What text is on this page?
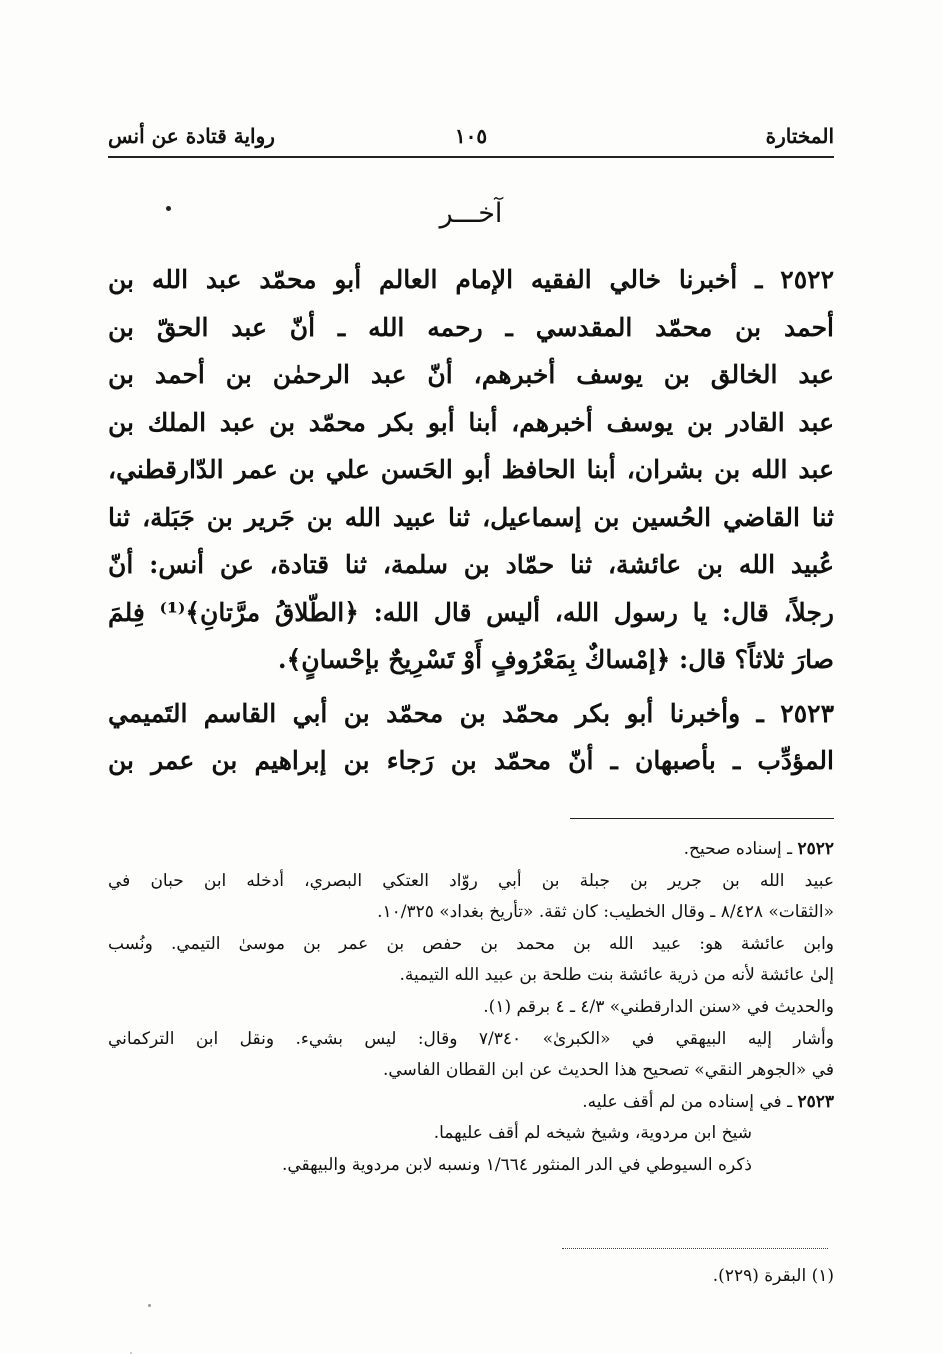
المختارة
١٠٥
رواية قتادة عن أنس
آخـــر
٢٥٢٢ ـ أخبرنا خالي الفقيه الإمام العالم أبو محمّد عبد الله بن
أحمد بن محمّد المقدسي ـ رحمه الله ـ أنّ عبد الحقّ بن
عبد الخالق بن يوسف أخبرهم، أنّ عبد الرحمٰن بن أحمد بن
عبد القادر بن يوسف أخبرهم، أبنا أبو بكر محمّد بن عبد الملك بن
عبد الله بن بشران، أبنا الحافظ أبو الحَسن علي بن عمر الدّارقطني،
ثنا القاضي الحُسين بن إسماعيل، ثنا عبيد الله بن جَرير بن جَبَلة، ثنا
عُبيد الله بن عائشة، ثنا حمّاد بن سلمة، ثنا قتادة، عن أنس: أنّ
رجلاً، قال: يا رسول الله، أليس قال الله: ﴿الطّلاقُ مرَّتانِ﴾⁽¹⁾ فِلمَ
صارَ ثلاثاً؟ قال: ﴿إمْساكٌ بِمَعْرُوفٍ أَوْ تَسْرِيحٌ بإحْسانٍ﴾.
٢٥٢٣ ـ وأخبرنا أبو بكر محمّد بن محمّد بن أبي القاسم التَميمي
المؤدِّب ـ بأصبهان ـ أنّ محمّد بن رَجاء بن إبراهيم بن عمر بن
٢٥٢٢ ـ إسناده صحيح.
عبيد الله بن جرير بن جبلة بن أبي روّاد العتكي البصري، أدخله ابن حبان في
«الثقات» ٨/٤٢٨ ـ وقال الخطيب: كان ثقة. «تأريخ بغداد» ١٠/٣٢٥.
وابن عائشة هو: عبيد الله بن محمد بن حفص بن عمر بن موسىٰ التيمي. ونُسب
إلىٰ عائشة لأنه من ذرية عائشة بنت طلحة بن عبيد الله التيمية.
والحديث في «سنن الدارقطني» ٤/٣ ـ ٤ برقم (١).
وأشار إليه البيهقي في «الكبرىٰ» ٧/٣٤٠ وقال: ليس بشيء. ونقل ابن التركماني
في «الجوهر النقي» تصحيح هذا الحديث عن ابن القطان الفاسي.
٢٥٢٣ ـ في إسناده من لم أقف عليه.
شيخ ابن مردوية، وشيخ شيخه لم أقف عليهما.
ذكره السيوطي في الدر المنثور ١/٦٦٤ ونسبه لابن مردوية والبيهقي.
(١) البقرة (٢٢٩).
